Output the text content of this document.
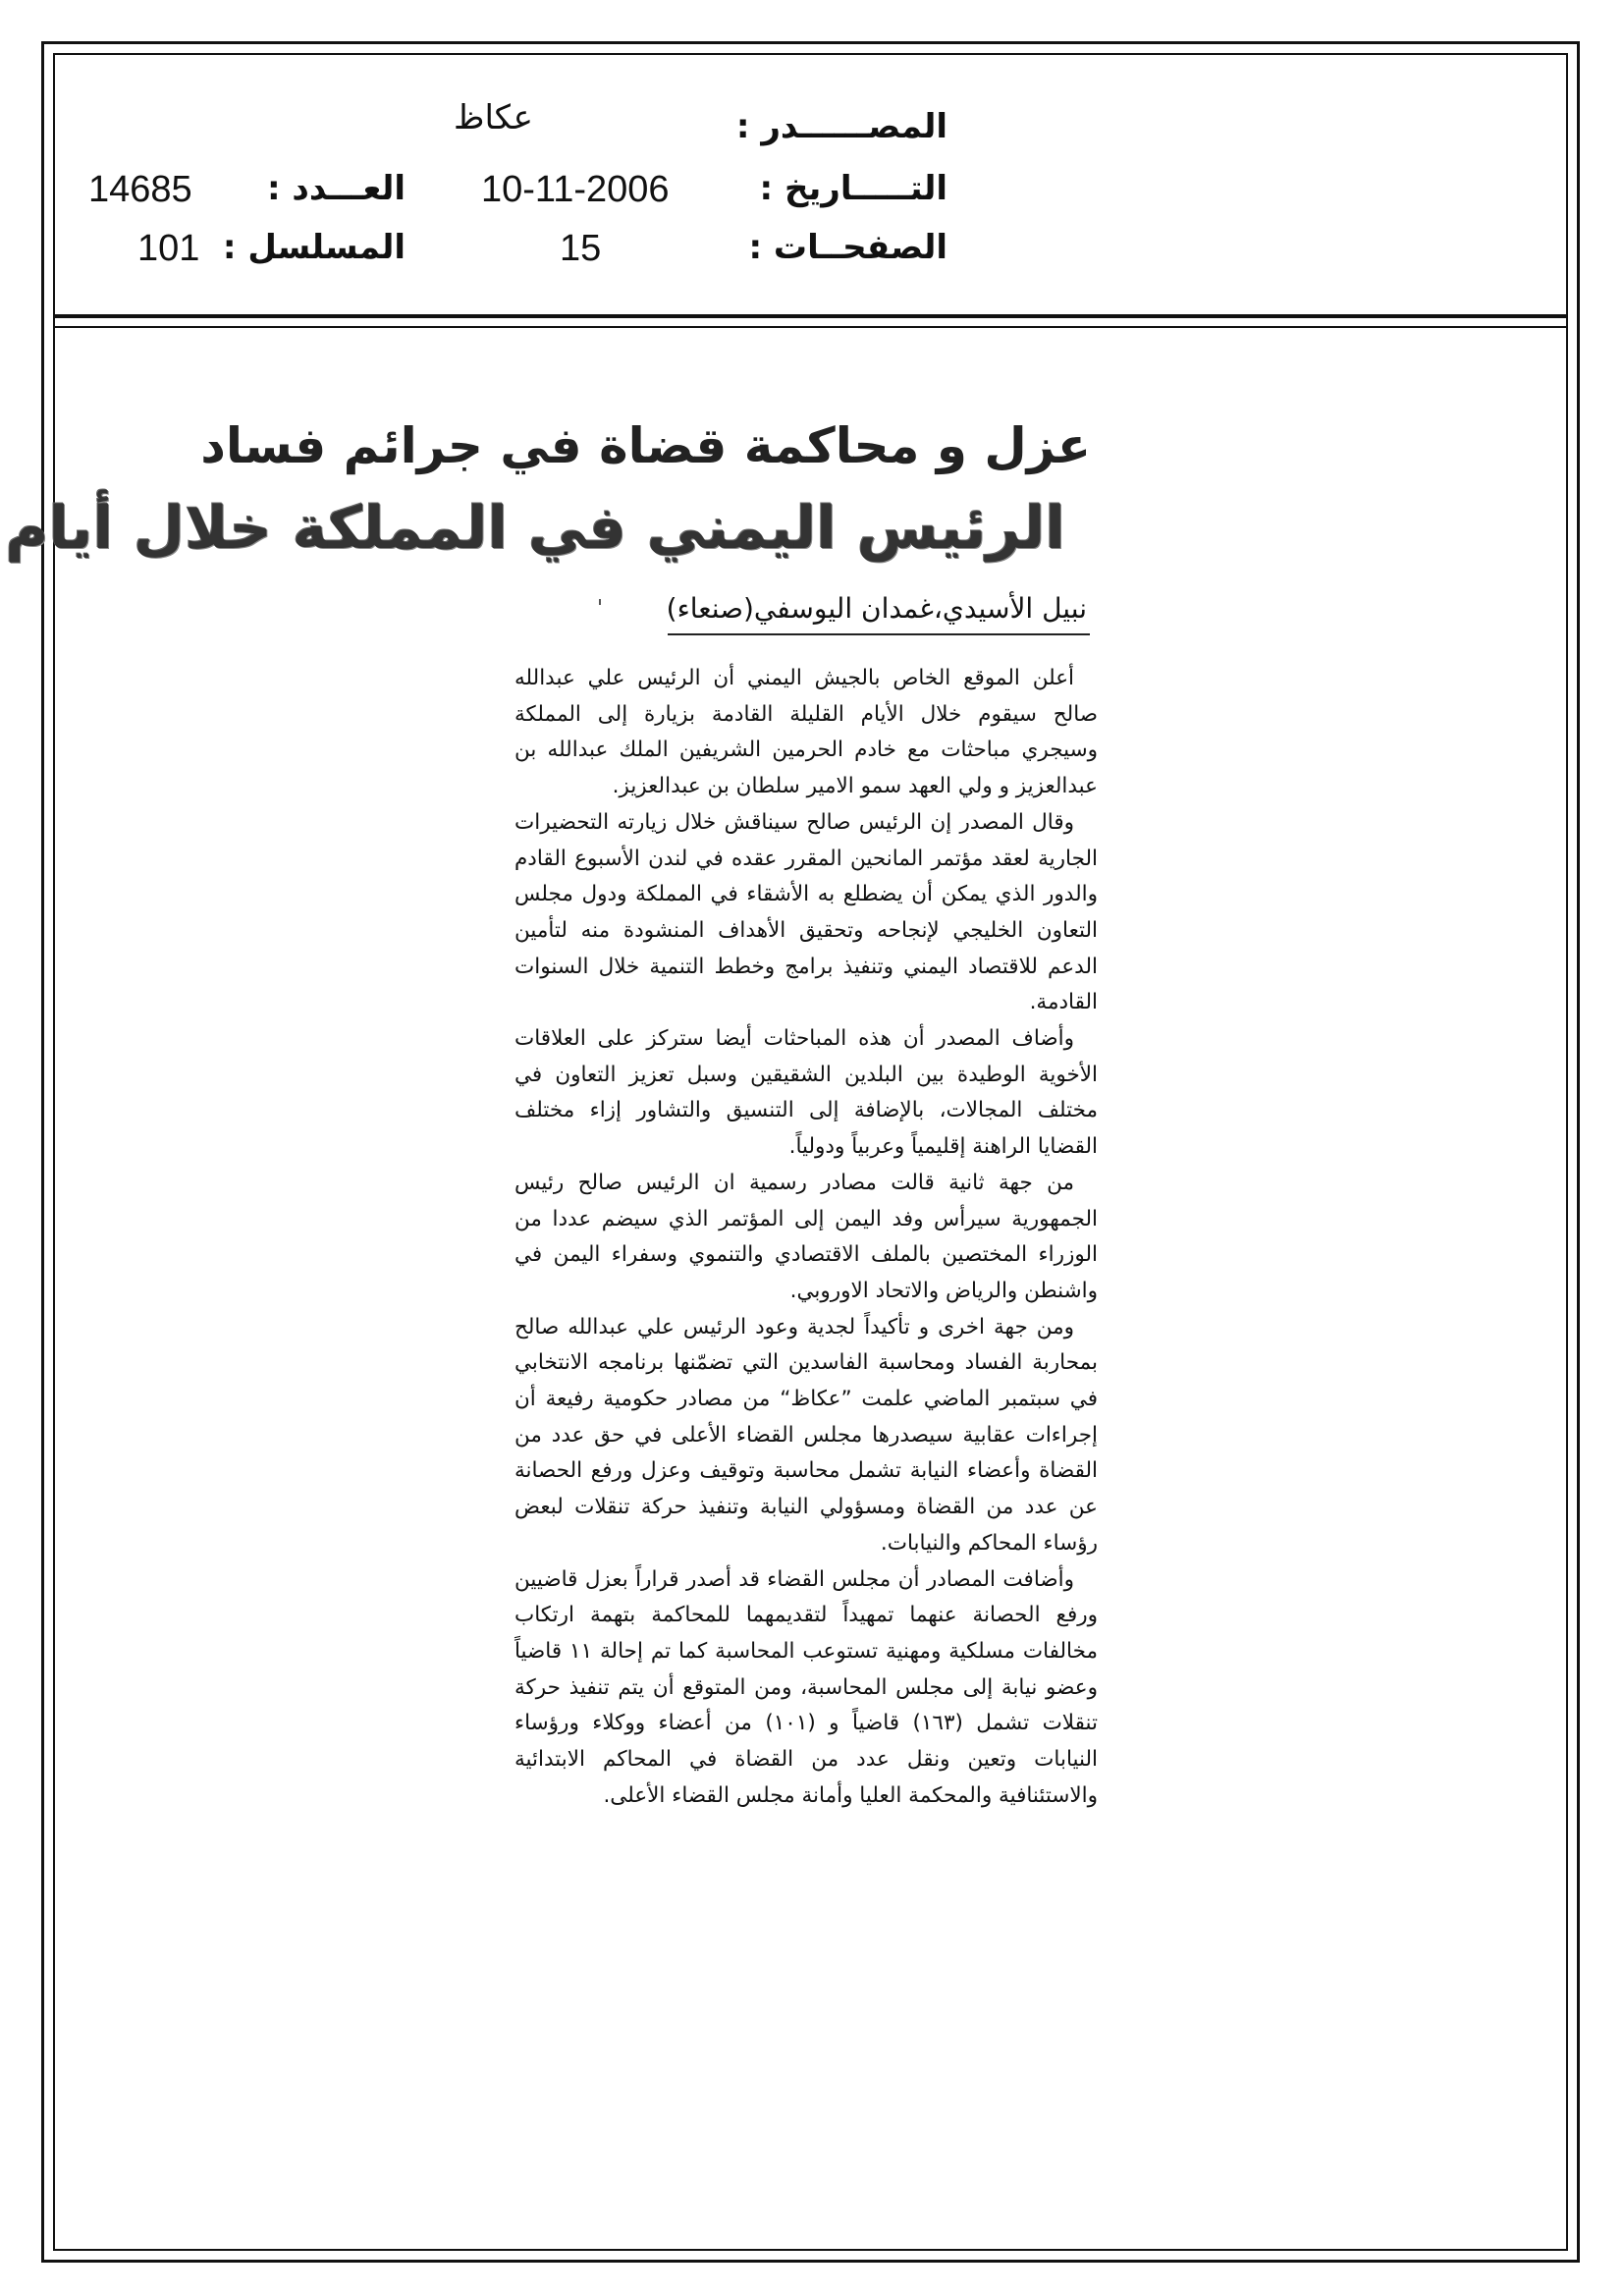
عكاظ	المصــــــدر :
10-11-2006	التـــــاريخ :
14685 العـــدد :
15	الصفحــات :
101 المسلسل :
عزل و محاكمة قضاة في جرائم فساد
الرئيس اليمني في المملكة خلال أيام
نبيل الأسيدي،غمدان اليوسفي(صنعاء)

أعلن الموقع الخاص بالجيش اليمني أن الرئيس علي عبدالله صالح سيقوم خلال الأيام القليلة القادمة بزيارة إلى المملكة وسيجري مباحثات مع خادم الحرمين الشريفين الملك عبدالله بن عبدالعزيز و ولي العهد سمو الامير سلطان بن عبدالعزيز.

وقال المصدر إن الرئيس صالح سيناقش خلال زيارته التحضيرات الجارية لعقد مؤتمر المانحين المقرر عقده في لندن الأسبوع القادم والدور الذي يمكن أن يضطلع به الأشقاء في المملكة ودول مجلس التعاون الخليجي لإنجاحه وتحقيق الأهداف المنشودة منه لتأمين الدعم للاقتصاد اليمني وتنفيذ برامج وخطط التنمية خلال السنوات القادمة.

وأضاف المصدر أن هذه المباحثات أيضا ستركز على العلاقات الأخوية الوطيدة بين البلدين الشقيقين وسبل تعزيز التعاون في مختلف المجالات، بالإضافة إلى التنسيق والتشاور إزاء مختلف القضايا الراهنة إقليمياً وعربياً ودولياً.

من جهة ثانية قالت مصادر رسمية ان الرئيس صالح رئيس الجمهورية سيرأس وفد اليمن إلى المؤتمر الذي سيضم عددا من الوزراء المختصين بالملف الاقتصادي والتنموي وسفراء اليمن في واشنطن والرياض والاتحاد الاوروبي.

ومن جهة اخرى و تأكيداً لجدية وعود الرئيس علي عبدالله صالح بمحاربة الفساد ومحاسبة الفاسدين التي تضمّنها برنامجه الانتخابي في سبتمبر الماضي علمت ”عكاظ“ من مصادر حكومية رفيعة أن إجراءات عقابية سيصدرها مجلس القضاء الأعلى في حق عدد من القضاة وأعضاء النيابة تشمل محاسبة وتوقيف وعزل ورفع الحصانة عن عدد من القضاة ومسؤولي النيابة وتنفيذ حركة تنقلات لبعض رؤساء المحاكم والنيابات.

وأضافت المصادر أن مجلس القضاء قد أصدر قراراً بعزل قاضيين ورفع الحصانة عنهما تمهيداً لتقديمهما للمحاكمة بتهمة ارتكاب مخالفات مسلكية ومهنية تستوعب المحاسبة كما تم إحالة ١١ قاضياً وعضو نيابة إلى مجلس المحاسبة، ومن المتوقع أن يتم تنفيذ حركة تنقلات تشمل (١٦٣) قاضياً و (١٠١) من أعضاء ووكلاء ورؤساء النيابات وتعين ونقل عدد من القضاة في المحاكم الابتدائية والاستئنافية والمحكمة العليا وأمانة مجلس القضاء الأعلى.
